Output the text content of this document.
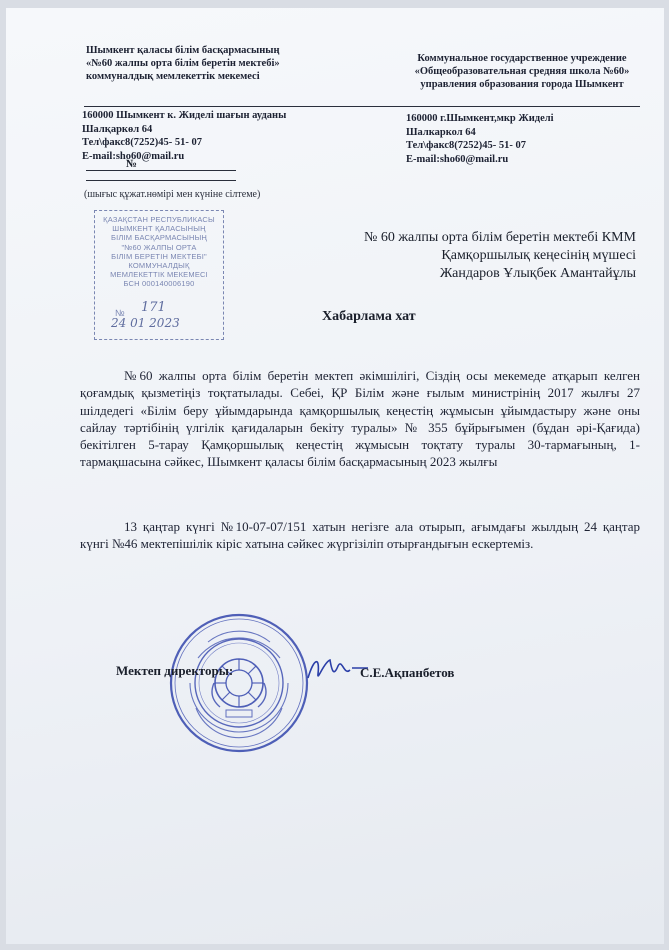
Шымкент қаласы білім басқармасының
«№60 жалпы орта білім беретін мектебі»
коммуналдық мемлекеттік мекемесі
Коммунальное государственное учреждение
«Общеобразовательная средняя школа №60»
управления образования города Шымкент
160000 Шымкент к. Жиделі шағын ауданы
Шалқаркөл 64
Тел\факс8(7252)45- 51- 07
E-mail:sho60@mail.ru
160000 г.Шымкент,мкр Жиделі
Шалкаркол 64
Тел\факс8(7252)45- 51- 07
E-mail:sho60@mail.ru
№
(шығыс құжат.нөмірі мен күніне сілтеме)
ҚАЗАҚСТАН РЕСПУБЛИКАСЫ
ШЫМКЕНТ ҚАЛАСЫНЫҢ
БІЛІМ БАСҚАРМАСЫНЫҢ
"№60 ЖАЛПЫ ОРТА
БІЛІМ БЕРЕТІН МЕКТЕБІ"
КОММУНАЛДЫҚ
МЕМЛЕКЕТТІК МЕКЕМЕСІ
БСН 000140006190
№ 171
24 01 2023
№ 60 жалпы орта білім беретін мектебі КММ
Қамқоршылық кеңесінің мүшесі
Жандаров Ұлықбек Амантайұлы
Хабарлама хат
№60 жалпы орта білім беретін мектеп әкімшілігі, Сіздің осы мекемеде атқарып келген қоғамдық қызметіңіз тоқтатылады. Себеі, ҚР Білім және ғылым министрінің 2017 жылғы 27 шілдедегі «Білім беру ұйымдарында қамқоршылық кеңестің жұмысын ұйымдастыру және оны сайлау тәртібінің үлгілік қағидаларын бекіту туралы» № 355 бұйрығымен (бұдан әрі-Қағида) бекітілген 5-тарау Қамқоршылық кеңестің жұмысын тоқтату туралы 30-тармағының, 1-тармақшасына сәйкес, Шымкент қаласы білім басқармасының 2023 жылғы
13 қаңтар күнгі №10-07-07/151 хатын негізге ала отырып, ағымдағы жылдың 24 қаңтар күнгі №46 мектепішілік кіріс хатына сәйкес жүргізіліп отырғандығын ескертеміз.
Мектеп директоры:	С.Е.Ақпанбетов
